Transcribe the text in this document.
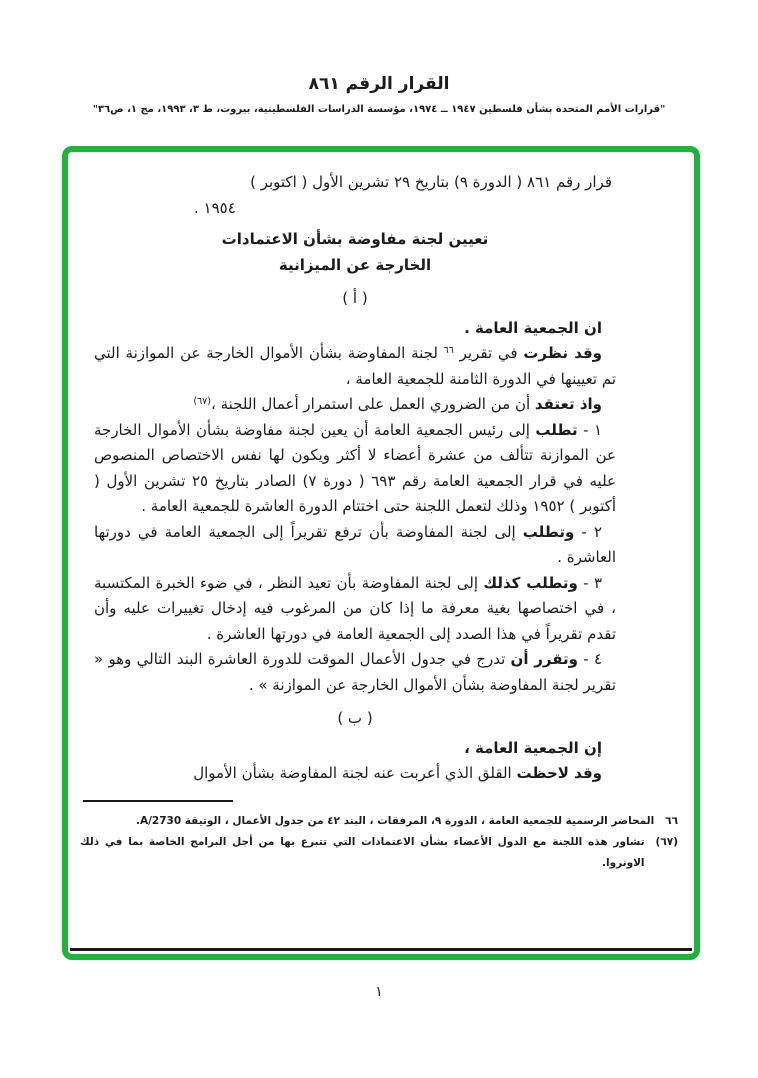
القرار الرقم ٨٦١
"قرارات الأمم المتحدة بشأن فلسطين ١٩٤٧ ــ ١٩٧٤، مؤسسة الدراسات الفلسطينية، بيروت، ط ٣، ١٩٩٣، مج ١، ص٣٦"
قرار رقم ٨٦١ ( الدورة ٩) بتاريخ ٢٩ تشرين الأول ( اكتوبر )
١٩٥٤ .
تعيين لجنة مفاوضة بشأن الاعتمادات
الخارجة عن الميزانية
( أ )

ان الجمعية العامة .

وقد نظرت في تقرير $^{٦٦}$ لجنة المفاوضة بشأن الأموال الخارجة عن الموازنة التي تم تعيينها في الدورة الثامنة للجمعية العامة ،

واذ تعتقد أن من الضروري العمل على استمرار أعمال اللجنة ،$^{(٦٧)}$

١ - تطلب إلى رئيس الجمعية العامة أن يعين لجنة مفاوضة بشأن الأموال الخارجة عن الموازنة تتألف من عشرة أعضاء لا أكثر ويكون لها نفس الاختصاص المنصوص عليه في قرار الجمعية العامة رقم ٦٩٣ ( دورة ٧) الصادر بتاريخ ٢٥ تشرين الأول ( أكتوبر ) ١٩٥٢ وذلك لتعمل اللجنة حتى اختتام الدورة العاشرة للجمعية العامة .

٢ - وتطلب إلى لجنة المفاوضة بأن ترفع تقريراً إلى الجمعية العامة في دورتها العاشرة .

٣ - وتطلب كذلك إلى لجنة المفاوضة بأن تعيد النظر ، في ضوء الخبرة المكتسبة ، في اختصاصها بغية معرفة ما إذا كان من المرغوب فيه إدخال تغييرات عليه وأن تقدم تقريراً في هذا الصدد إلى الجمعية العامة في دورتها العاشرة .

٤ - وتقرر أن تدرج في جدول الأعمال الموقت للدورة العاشرة البند التالي وهو « تقرير لجنة المفاوضة بشأن الأموال الخارجة عن الموازنة » .

( ب )

إن الجمعية العامة ،

وقد لاحظت القلق الذي أعربت عنه لجنة المفاوضة بشأن الأموال

٦٦
المحاضر الرسمية للجمعية العامة ، الدورة ٩، المرفقات ، البند ٤٢ من جدول الأعمال ، الوثيقة A/2730.
(٦٧)
تشاور هذه اللجنة مع الدول الأعضاء بشأن الاعتمادات التي تتبرع بها من أجل البرامج الخاصة بما في ذلك الاونروا.
١
